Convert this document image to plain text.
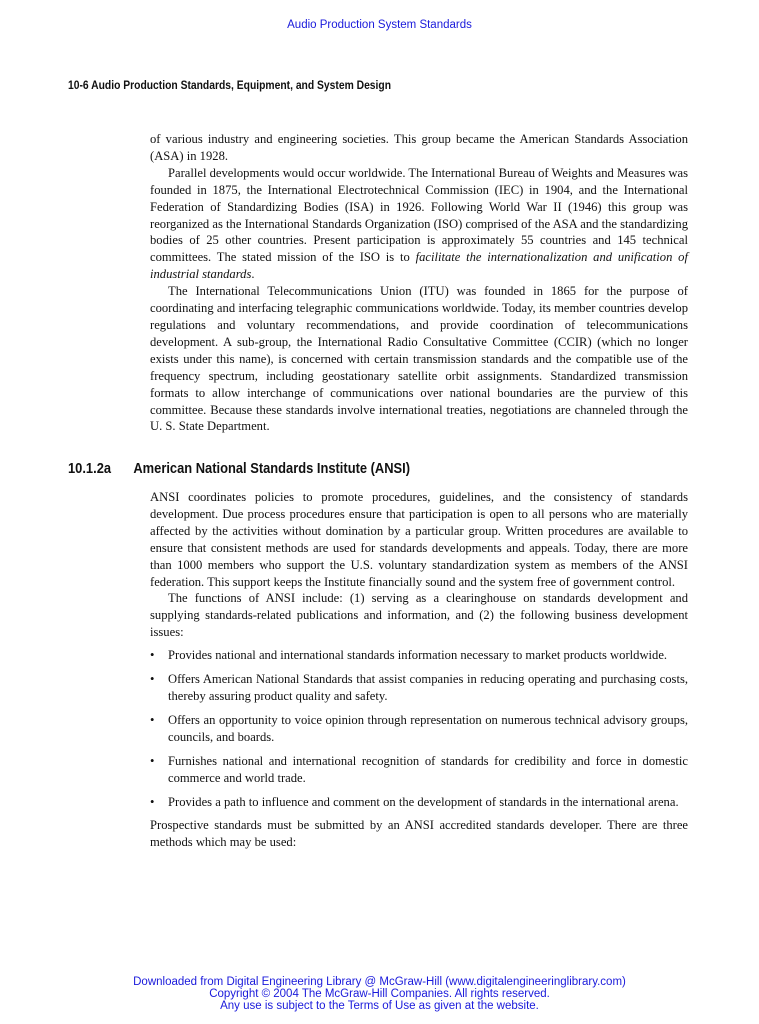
Audio Production System Standards
10-6 Audio Production Standards, Equipment, and System Design

of various industry and engineering societies. This group became the American Standards Association (ASA) in 1928.

Parallel developments would occur worldwide. The International Bureau of Weights and Measures was founded in 1875, the International Electrotechnical Commission (IEC) in 1904, and the International Federation of Standardizing Bodies (ISA) in 1926. Following World War II (1946) this group was reorganized as the International Standards Organization (ISO) comprised of the ASA and the standardizing bodies of 25 other countries. Present participation is approximately 55 countries and 145 technical committees. The stated mission of the ISO is to facilitate the internationalization and unification of industrial standards.

The International Telecommunications Union (ITU) was founded in 1865 for the purpose of coordinating and interfacing telegraphic communications worldwide. Today, its member countries develop regulations and voluntary recommendations, and provide coordination of telecommunications development. A sub-group, the International Radio Consultative Committee (CCIR) (which no longer exists under this name), is concerned with certain transmission standards and the compatible use of the frequency spectrum, including geostationary satellite orbit assignments. Standardized transmission formats to allow interchange of communications over national boundaries are the purview of this committee. Because these standards involve international treaties, negotiations are channeled through the U. S. State Department.

10.1.2a American National Standards Institute (ANSI)

ANSI coordinates policies to promote procedures, guidelines, and the consistency of standards development. Due process procedures ensure that participation is open to all persons who are materially affected by the activities without domination by a particular group. Written procedures are available to ensure that consistent methods are used for standards developments and appeals. Today, there are more than 1000 members who support the U.S. voluntary standardization system as members of the ANSI federation. This support keeps the Institute financially sound and the system free of government control.

The functions of ANSI include: (1) serving as a clearinghouse on standards development and supplying standards-related publications and information, and (2) the following business development issues:

• Provides national and international standards information necessary to market products worldwide.
• Offers American National Standards that assist companies in reducing operating and purchasing costs, thereby assuring product quality and safety.
• Offers an opportunity to voice opinion through representation on numerous technical advisory groups, councils, and boards.
• Furnishes national and international recognition of standards for credibility and force in domestic commerce and world trade.
• Provides a path to influence and comment on the development of standards in the international arena.

Prospective standards must be submitted by an ANSI accredited standards developer. There are three methods which may be used:

Downloaded from Digital Engineering Library @ McGraw-Hill (www.digitalengineeringlibrary.com)
Copyright © 2004 The McGraw-Hill Companies. All rights reserved.
Any use is subject to the Terms of Use as given at the website.
